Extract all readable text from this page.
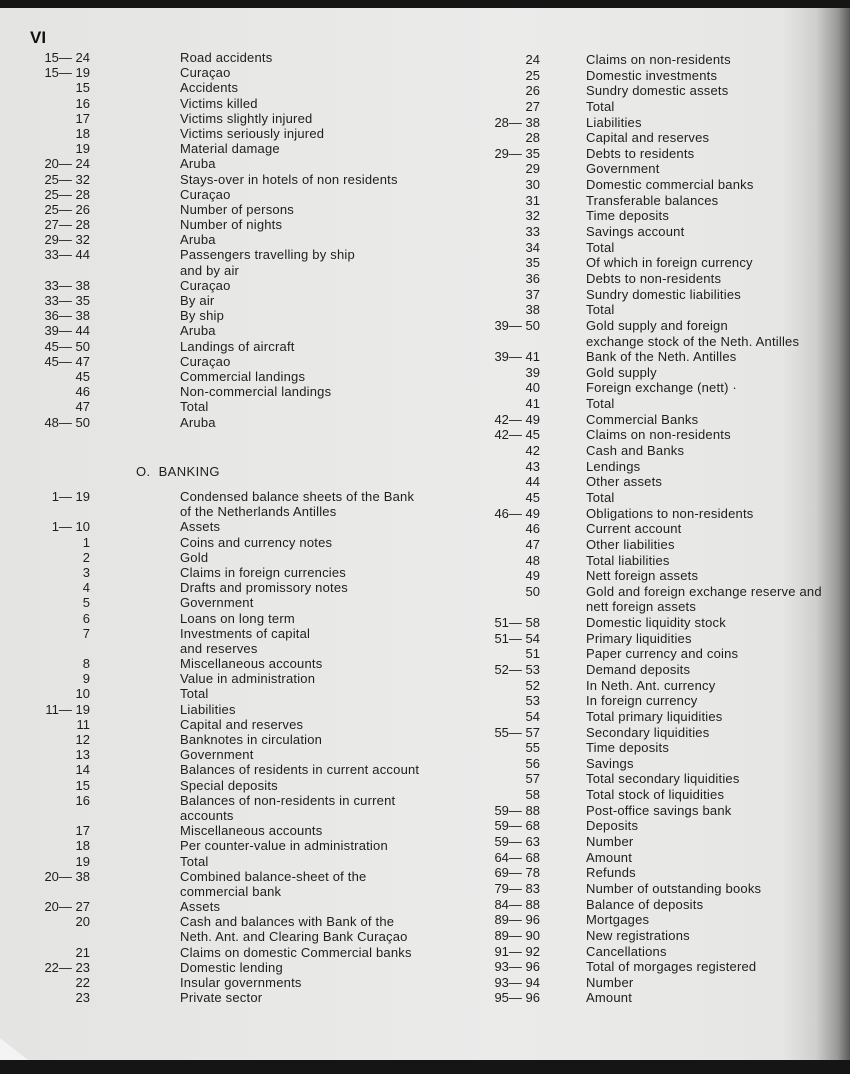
VI
15— 24	Road accidents
15— 19	Curaçao
15	Accidents
16	Victims killed
17	Victims slightly injured
18	Victims seriously injured
19	Material damage
20— 24	Aruba
25— 32	Stays-over in hotels of non residents
25— 28	Curaçao
25— 26	Number of persons
27— 28	Number of nights
29— 32	Aruba
33— 44	Passengers travelling by ship
and by air
33— 38	Curaçao
33— 35	By air
36— 38	By ship
39— 44	Aruba
45— 50	Landings of aircraft
45— 47	Curaçao
45	Commercial landings
46	Non-commercial landings
47	Total
48— 50	Aruba
O. BANKING
1— 19	Condensed balance sheets of the Bank
of the Netherlands Antilles
1— 10	Assets
1	Coins and currency notes
2	Gold
3	Claims in foreign currencies
4	Drafts and promissory notes
5	Government
6	Loans on long term
7	Investments of capital
and reserves
8	Miscellaneous accounts
9	Value in administration
10	Total
11— 19	Liabilities
11	Capital and reserves
12	Banknotes in circulation
13	Government
14	Balances of residents in current account
15	Special deposits
16	Balances of non-residents in current
accounts
17	Miscellaneous accounts
18	Per counter-value in administration
19	Total
20— 38	Combined balance-sheet of the
commercial bank
20— 27	Assets
20	Cash and balances with Bank of the
Neth. Ant. and Clearing Bank Curaçao
21	Claims on domestic Commercial banks
22— 23	Domestic lending
22	Insular governments
23	Private sector
24	Claims on non-residents
25	Domestic investments
26	Sundry domestic assets
27	Total
28— 38	Liabilities
28	Capital and reserves
29— 35	Debts to residents
29	Government
30	Domestic commercial banks
31	Transferable balances
32	Time deposits
33	Savings account
34	Total
35	Of which in foreign currency
36	Debts to non-residents
37	Sundry domestic liabilities
38	Total
39— 50	Gold supply and foreign
exchange stock of the Neth. Antilles
39— 41	Bank of the Neth. Antilles
39	Gold supply
40	Foreign exchange (nett) ·
41	Total
42— 49	Commercial Banks
42— 45	Claims on non-residents
42	Cash and Banks
43	Lendings
44	Other assets
45	Total
46— 49	Obligations to non-residents
46	Current account
47	Other liabilities
48	Total liabilities
49	Nett foreign assets
50	Gold and foreign exchange reserve and
nett foreign assets
51— 58	Domestic liquidity stock
51— 54	Primary liquidities
51	Paper currency and coins
52— 53	Demand deposits
52	In Neth. Ant. currency
53	In foreign currency
54	Total primary liquidities
55— 57	Secondary liquidities
55	Time deposits
56	Savings
57	Total secondary liquidities
58	Total stock of liquidities
59— 88	Post-office savings bank
59— 68	Deposits
59— 63	Number
64— 68	Amount
69— 78	Refunds
79— 83	Number of outstanding books
84— 88	Balance of deposits
89— 96	Mortgages
89— 90	New registrations
91— 92	Cancellations
93— 96	Total of morgages registered
93— 94	Number
95— 96	Amount
